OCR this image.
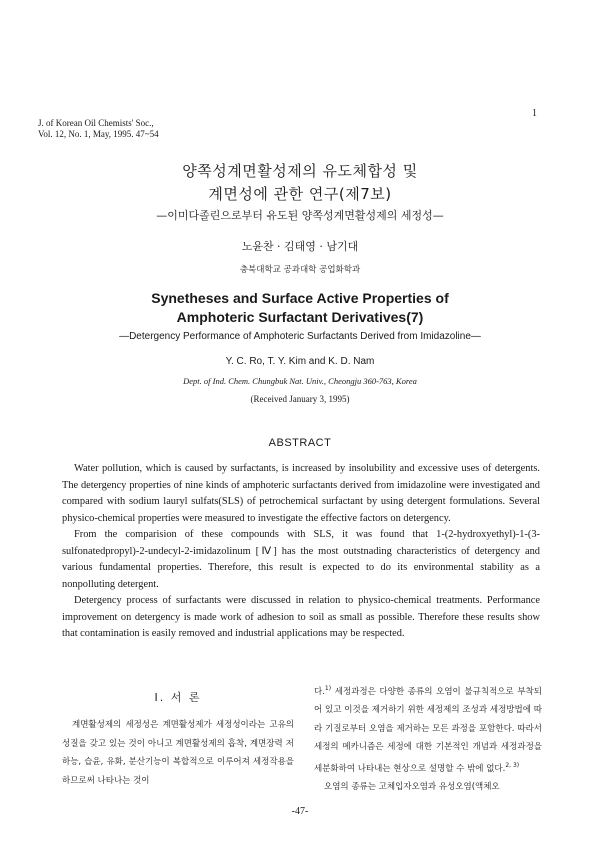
J. of Korean Oil Chemists' Soc.,
Vol. 12, No. 1, May, 1995. 47~54
1
양쪽성계면활성제의 유도체합성 및
계면성에 관한 연구(제7보)
—이미다졸린으로부터 유도된 양쪽성계면활성제의 세정성—
노윤찬 · 김태영 · 남기대
충북대학교 공과대학 공업화학과
Synetheses and Surface Active Properties of
Amphoteric Surfactant Derivatives(7)
—Detergency Performance of Amphoteric Surfactants Derived from Imidazoline—
Y. C. Ro, T. Y. Kim and K. D. Nam
Dept. of Ind. Chem. Chungbuk Nat. Univ., Cheongju 360-763, Korea
(Received January 3, 1995)
ABSTRACT

Water pollution, which is caused by surfactants, is increased by insolubility and excessive uses of detergents. The detergency properties of nine kinds of amphoteric surfactants derived from imidazoline were investigated and compared with sodium lauryl sulfats(SLS) of petrochemical surfactant by using detergent formulations. Several physico-chemical properties were measured to investigate the effective factors on detergency.

From the comparision of these compounds with SLS, it was found that 1-(2-hydroxyethyl)-1-(3-sulfonatedpropyl)-2-undecyl-2-imidazolinum [Ⅳ] has the most outstnading characteristics of detergency and various fundamental properties. Therefore, this result is expected to do its environmental stability as a nonpolluting detergent.

Detergency process of surfactants were discussed in relation to physico-chemical treatments. Performance improvement on detergency is made work of adhesion to soil as small as possible. Therefore these results show that contamination is easily removed and industrial applications may be respected.

Ⅰ. 서 론

계면활성제의 세정성은 계면활성제가 세정성이라는 고유의 성질을 갖고 있는 것이 아니고 계면활성제의 흡착, 계면장력 저하능, 습윤, 유화, 분산기능이 복합적으로 이루어져 세정작용을 하므로써 나타나는 것이

다.$^{1)}$ 세정과정은 다양한 종류의 오염이 불규칙적으로 부착되어 있고 이것을 제거하기 위한 세정제의 조성과 세정방법에 따라 기질로부터 오염을 제거하는 모든 과정을 포함한다. 따라서 세정의 메카니즘은 세정에 대한 기본적인 개념과 세정과정을 세분화하여 나타내는 현상으로 설명할 수 밖에 없다.$^{2, 3)}$

오염의 종류는 고체입자오염과 유성오염(액체오

-47-
